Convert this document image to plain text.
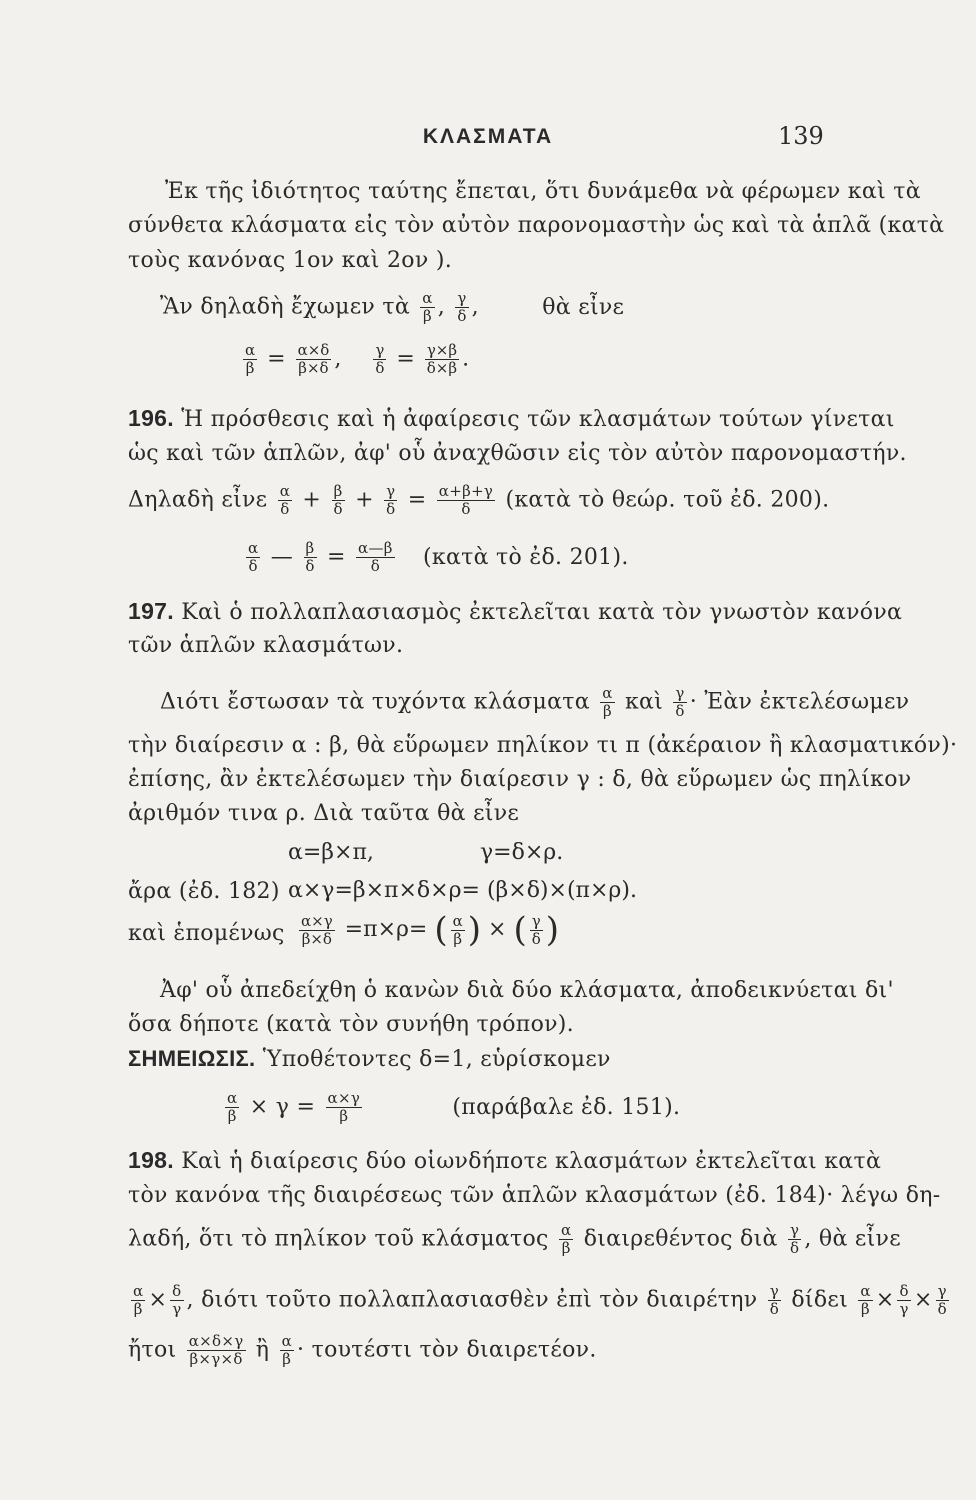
ΚΛΑΣΜΑΤΑ	139
Ἐκ τῆς ἰδιότητος ταύτης ἔπεται, ὅτι δυνάμεθα νὰ φέρωμεν καὶ τὰ
σύνθετα κλάσματα εἰς τὸν αὐτὸν παρονομαστὴν ὡς καὶ τὰ ἁπλᾶ (κατὰ
τοὺς κανόνας 1ον καὶ 2ον ).
Ἂν δηλαδὴ ἔχωμεν τὰ $\frac{\alpha}{\beta}$ , $\frac{\gamma}{\delta}$ ,	θὰ εἶνε
$\frac{\alpha}{\beta} = \frac{\alpha\times\delta}{\beta\times\delta}$ , $\frac{\gamma}{\delta} = \frac{\gamma\times\beta}{\delta\times\beta}$ .
196. Ἡ πρόσθεσις καὶ ἡ ἀφαίρεσις τῶν κλασμάτων τούτων γίνεται
ὡς καὶ τῶν ἁπλῶν, ἀφ' οὗ ἀναχθῶσιν εἰς τὸν αὐτὸν παρονομαστήν.
Δηλαδὴ εἶνε $\frac{\alpha}{\delta} + \frac{\beta}{\delta} + \frac{\gamma}{\delta} = \frac{\alpha+\beta+\gamma}{\delta}$ (κατὰ τὸ θεώρ. τοῦ ἐδ. 200).
$\frac{\alpha}{\delta}$ — $\frac{\beta}{\delta} = \frac{\alpha—\beta}{\delta}$ (κατὰ τὸ ἐδ. 201).
197. Καὶ ὁ πολλαπλασιασμὸς ἐκτελεῖται κατὰ τὸν γνωστὸν κανόνα
τῶν ἁπλῶν κλασμάτων.
Διότι ἔστωσαν τὰ τυχόντα κλάσματα $\frac{\alpha}{\beta}$ καὶ $\frac{\gamma}{\delta}$ · Ἐὰν ἐκτελέσωμεν
τὴν διαίρεσιν α : β, θὰ εὕρωμεν πηλίκον τι π (ἀκέραιον ἢ κλασματικόν)·
ἐπίσης, ἂν ἐκτελέσωμεν τὴν διαίρεσιν γ : δ, θὰ εὕρωμεν ὡς πηλίκον
ἀριθμόν τινα ρ. Διὰ ταῦτα θὰ εἶνε
α=β×π,	γ=δ×ρ.
ἄρα (ἐδ. 182) α×γ=β×π×δ×ρ= (β×δ)×(π×ρ).
καὶ ἑπομένως $\frac{\alpha\times\gamma}{\beta\times\delta} =\pi\times\rho=$ ( $\frac{\alpha}{\beta}$ ) × ( $\frac{\gamma}{\delta}$ )
Ἀφ' οὗ ἀπεδείχθη ὁ κανὼν διὰ δύο κλάσματα, ἀποδεικνύεται δι'
ὅσα δήποτε (κατὰ τὸν συνήθη τρόπον).
ΣΗΜΕΙΩΣΙΣ. Ὑποθέτοντες δ=1, εὑρίσκομεν
$\frac{\alpha}{\beta} \times \gamma = \frac{\alpha\times\gamma}{\beta}$	(παράβαλε ἐδ. 151).
198. Καὶ ἡ διαίρεσις δύο οἱωνδήποτε κλασμάτων ἐκτελεῖται κατὰ
τὸν κανόνα τῆς διαιρέσεως τῶν ἁπλῶν κλασμάτων (ἐδ. 184)· λέγω δη-
λαδή, ὅτι τὸ πηλίκον τοῦ κλάσματος $\frac{\alpha}{\beta}$ διαιρεθέντος διὰ $\frac{\gamma}{\delta}$ , θὰ εἶνε
$\frac{\alpha}{\beta} \times \frac{\delta}{\gamma}$ , διότι τοῦτο πολλαπλασιασθὲν ἐπὶ τὸν διαιρέτην $\frac{\gamma}{\delta}$ δίδει $\frac{\alpha}{\beta} \times \frac{\delta}{\gamma} \times \frac{\gamma}{\delta}$
ἤτοι $\frac{\alpha\times\delta\times\gamma}{\beta\times\gamma\times\delta}$ ἢ $\frac{\alpha}{\beta} \cdot \tau o\upsilon\tau έ\sigma\tau\iota$ τὸν διαιρετέον.
